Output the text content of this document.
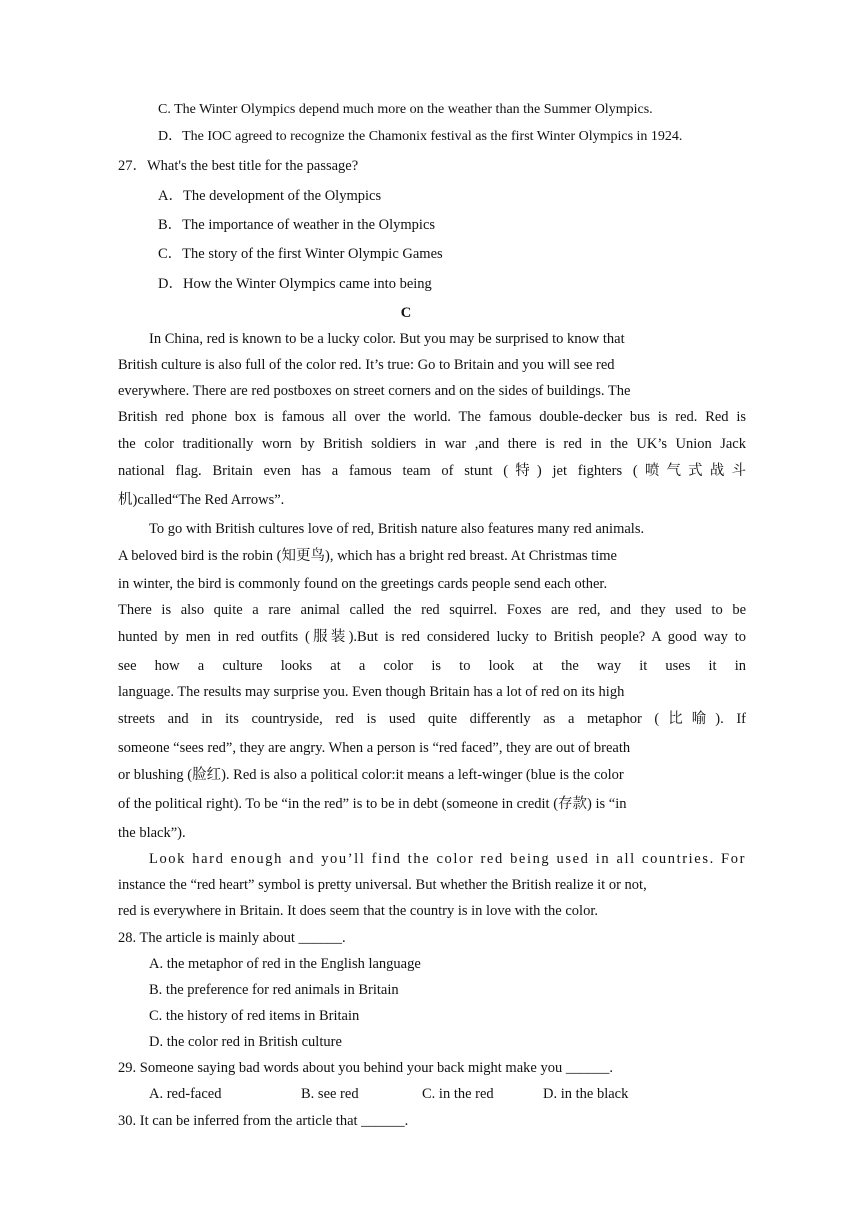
C. The Winter Olympics depend much more on the weather than the Summer Olympics.
D．The IOC agreed to recognize the Chamonix festival as the first Winter Olympics in 1924.
27．What's the best title for the passage?
A．The development of the Olympics
B．The importance of weather in the Olympics
C．The story of the first Winter Olympic Games
D．How the Winter Olympics came into being
C
In China, red is known to be a lucky color. But you may be surprised to know that
British culture is also full of the color red. It’s true: Go to Britain and you will see red
everywhere. There are red postboxes on street corners and on the sides of buildings. The
British red phone box is famous all over the world. The famous double-decker bus is red. Red is
the color traditionally worn by British soldiers in war ,and there is red in the UK’s Union Jack
national flag. Britain even has a famous team of stunt (特) jet fighters (喷气式战斗
机)called“The Red Arrows”.
To go with British cultures love of red, British nature also features many red animals.
A beloved bird is the robin (知更鸟), which has a bright red breast. At Christmas time
in winter, the bird is commonly found on the greetings cards people send each other.
There is also quite a rare animal called the red squirrel. Foxes are red, and they used to be
hunted by men in red outfits (服装).But is red considered lucky to British people? A good way to
see how a culture looks at a color is to look at the way it uses it in
language. The results may surprise you. Even though Britain has a lot of red on its high
streets and in its countryside, red is used quite differently as a metaphor (比喻). If
someone “sees red”, they are angry. When a person is “red faced”, they are out of breath
or blushing (脸红). Red is also a political color:it means a left-winger (blue is the color
of the political right). To be “in the red” is to be in debt (someone in credit (存款) is “in
the black”).
Look hard enough and you’ll find the color red being used in all countries. For
instance the “red heart” symbol is pretty universal. But whether the British realize it or not,
red is everywhere in Britain. It does seem that the country is in love with the color.
28. The article is mainly about ______.
A. the metaphor of red in the English language
B. the preference for red animals in Britain
C. the history of red items in Britain
D. the color red in British culture
29. Someone saying bad words about you behind your back might make you ______.
A. red-faced	B. see red	C. in the red	D. in the black
30. It can be inferred from the article that ______.
